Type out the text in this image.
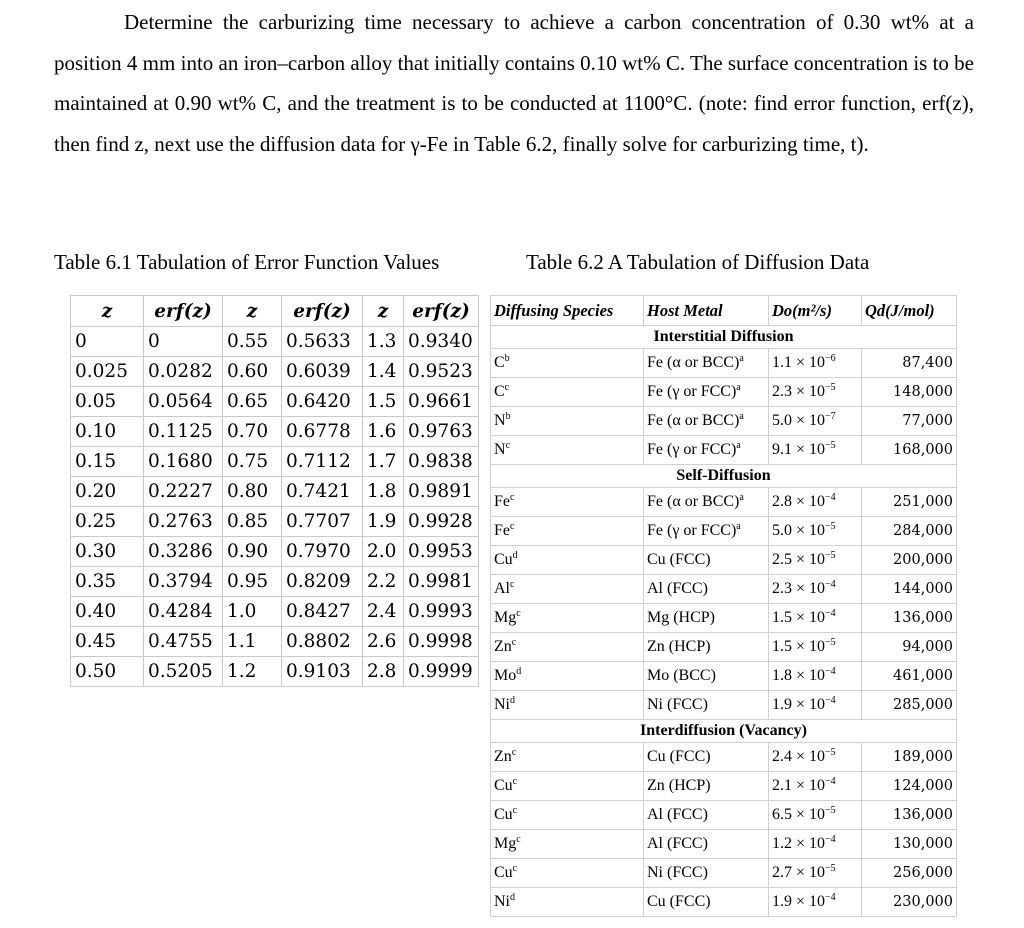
Determine the carburizing time necessary to achieve a carbon concentration of 0.30 wt% at a position 4 mm into an iron–carbon alloy that initially contains 0.10 wt% C. The surface concentration is to be maintained at 0.90 wt% C, and the treatment is to be conducted at 1100°C. (note: find error function, erf(z), then find z, next use the diffusion data for γ-Fe in Table 6.2, finally solve for carburizing time, t).

Table 6.1 Tabulation of Error Function Values	Table 6.2 A Tabulation of Diffusion Data
z	erf(z)	z	erf(z)	z	erf(z)
0	0	0.55	0.5633	1.3	0.9340
0.025	0.0282	0.60	0.6039	1.4	0.9523
0.05	0.0564	0.65	0.6420	1.5	0.9661
0.10	0.1125	0.70	0.6778	1.6	0.9763
0.15	0.1680	0.75	0.7112	1.7	0.9838
0.20	0.2227	0.80	0.7421	1.8	0.9891
0.25	0.2763	0.85	0.7707	1.9	0.9928
0.30	0.3286	0.90	0.7970	2.0	0.9953
0.35	0.3794	0.95	0.8209	2.2	0.9981
0.40	0.4284	1.0	0.8427	2.4	0.9993
0.45	0.4755	1.1	0.8802	2.6	0.9998
0.50	0.5205	1.2	0.9103	2.8	0.9999
Diffusing Species	Host Metal	Do(m²/s)	Qd(J/mol)
Interstitial Diffusion			
$C^b$	Fe (α or BCC)$^a$	$1.1 \times 10^{-6}$	87,400
$C^c$	Fe (γ or FCC)$^a$	$2.3 \times 10^{-5}$	148,000
$N^b$	Fe (α or BCC)$^a$	$5.0 \times 10^{-7}$	77,000
$N^c$	Fe (γ or FCC)$^a$	$9.1 \times 10^{-5}$	168,000
Self-Diffusion			
Fe$^c$	Fe (α or BCC)$^a$	$2.8 \times 10^{-4}$	251,000
Fe$^c$	Fe (γ or FCC)$^a$	$5.0 \times 10^{-5}$	284,000
Cu$^d$	Cu (FCC)	$2.5 \times 10^{-5}$	200,000
Al$^c$	Al (FCC)	$2.3 \times 10^{-4}$	144,000
Mg$^c$	Mg (HCP)	$1.5 \times 10^{-4}$	136,000
Zn$^c$	Zn (HCP)	$1.5 \times 10^{-5}$	94,000
Mo$^d$	Mo (BCC)	$1.8 \times 10^{-4}$	461,000
Ni$^d$	Ni (FCC)	$1.9 \times 10^{-4}$	285,000
Interdiffusion (Vacancy)			
Zn$^c$	Cu (FCC)	$2.4 \times 10^{-5}$	189,000
Cu$^c$	Zn (HCP)	$2.1 \times 10^{-4}$	124,000
Cu$^c$	Al (FCC)	$6.5 \times 10^{-5}$	136,000
Mg$^c$	Al (FCC)	$1.2 \times 10^{-4}$	130,000
Cu$^c$	Ni (FCC)	$2.7 \times 10^{-5}$	256,000
Ni$^d$	Cu (FCC)	$1.9 \times 10^{-4}$	230,000
